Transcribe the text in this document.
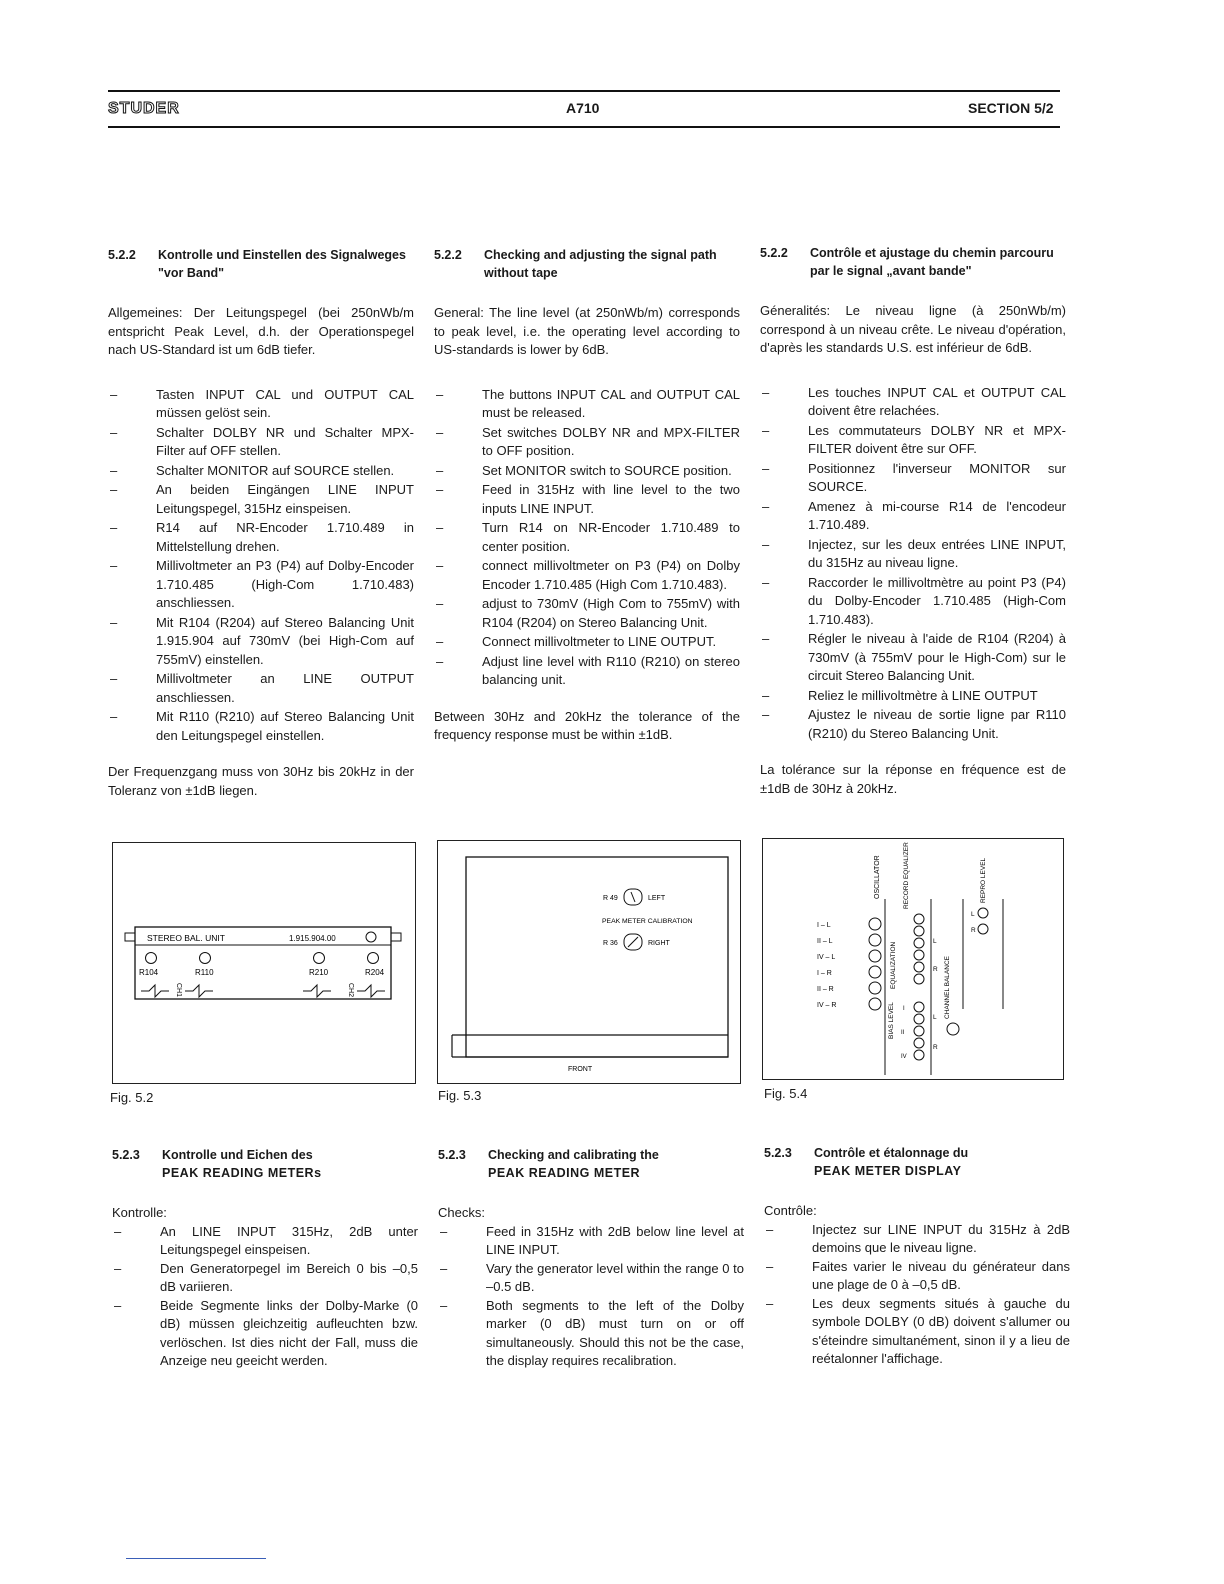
STUDER	A710	SECTION 5/2
5.2.2 Kontrolle und Einstellen des Signalweges "vor Band"
Allgemeines: Der Leitungspegel (bei 250nWb/m entspricht Peak Level, d.h. der Operationspegel nach US-Standard ist um 6dB tiefer.
– Tasten INPUT CAL und OUTPUT CAL müssen gelöst sein.
– Schalter DOLBY NR und Schalter MPX-Filter auf OFF stellen.
– Schalter MONITOR auf SOURCE stellen.
– An beiden Eingängen LINE INPUT Leitungspegel, 315Hz einspeisen.
– R14 auf NR-Encoder 1.710.489 in Mittelstellung drehen.
– Millivoltmeter an P3 (P4) auf Dolby-Encoder 1.710.485 (High-Com 1.710.483) anschliessen.
– Mit R104 (R204) auf Stereo Balancing Unit 1.915.904 auf 730mV (bei High-Com auf 755mV) einstellen.
– Millivoltmeter an LINE OUTPUT anschliessen.
– Mit R110 (R210) auf Stereo Balancing Unit den Leitungspegel einstellen.
Der Frequenzgang muss von 30Hz bis 20kHz in der Toleranz von ±1dB liegen.
5.2.2 Checking and adjusting the signal path without tape
General: The line level (at 250nWb/m) corresponds to peak level, i.e. the operating level according to US-standards is lower by 6dB.
– The buttons INPUT CAL and OUTPUT CAL must be released.
– Set switches DOLBY NR and MPX-FILTER to OFF position.
– Set MONITOR switch to SOURCE position.
– Feed in 315Hz with line level to the two inputs LINE INPUT.
– Turn R14 on NR-Encoder 1.710.489 to center position.
– connect millivoltmeter on P3 (P4) on Dolby Encoder 1.710.485 (High Com 1.710.483).
– adjust to 730mV (High Com to 755mV) with R104 (R204) on Stereo Balancing Unit.
– Connect millivoltmeter to LINE OUTPUT.
– Adjust line level with R110 (R210) on stereo balancing unit.
Between 30Hz and 20kHz the tolerance of the frequency response must be within ±1dB.
5.2.2 Contrôle et ajustage du chemin parcouru par le signal „avant bande"
Géneralités: Le niveau ligne (à 250nWb/m) correspond à un niveau crête. Le niveau d'opération, d'après les standards U.S. est inférieur de 6dB.
– Les touches INPUT CAL et OUTPUT CAL doivent être relachées.
– Les commutateurs DOLBY NR et MPX-FILTER doivent être sur OFF.
– Positionnez l'inverseur MONITOR sur SOURCE.
– Amenez à mi-course R14 de l'encodeur 1.710.489.
– Injectez, sur les deux entrées LINE INPUT, du 315Hz au niveau ligne.
– Raccorder le millivoltmètre au point P3 (P4) du Dolby-Encoder 1.710.485 (High-Com 1.710.483).
– Régler le niveau à l'aide de R104 (R204) à 730mV (à 755mV pour le High-Com) sur le circuit Stereo Balancing Unit.
– Reliez le millivoltmètre à LINE OUTPUT
– Ajustez le niveau de sortie ligne par R110 (R210) du Stereo Balancing Unit.
La tolérance sur la réponse en fréquence est de ±1dB de 30Hz à 20kHz.
STEREO BAL. UNIT	1.915.904.00
R104	R110	R210	R204
CH1	CH2
Fig. 5.2
R 49	LEFT
PEAK METER CALIBRATION
R 36	RIGHT
FRONT
Fig. 5.3
OSCILLATOR	RECORD EQUALIZER	REPRO LEVEL
EQUALIZATION
BIAS LEVEL
CHANNEL BALANCE
I – L
II – L
IV – L
I – R
II – R
IV – R
L
R
L
R
L
R
I
II
IV
Fig. 5.4
5.2.3 Kontrolle und Eichen des
PEAK READING METERs
Kontrolle:
– An LINE INPUT 315Hz, 2dB unter Leitungspegel einspeisen.
– Den Generatorpegel im Bereich 0 bis –0,5 dB variieren.
– Beide Segmente links der Dolby-Marke (0 dB) müssen gleichzeitig aufleuchten bzw. verlöschen. Ist dies nicht der Fall, muss die Anzeige neu geeicht werden.
5.2.3 Checking and calibrating the
PEAK READING METER
Checks:
– Feed in 315Hz with 2dB below line level at LINE INPUT.
– Vary the generator level within the range 0 to –0.5 dB.
– Both segments to the left of the Dolby marker (0 dB) must turn on or off simultaneously. Should this not be the case, the display requires recalibration.
5.2.3 Contrôle et étalonnage du
PEAK METER DISPLAY
Contrôle:
– Injectez sur LINE INPUT du 315Hz à 2dB demoins que le niveau ligne.
– Faites varier le niveau du générateur dans une plage de 0 à –0,5 dB.
– Les deux segments situés à gauche du symbole DOLBY (0 dB) doivent s'allumer ou s'éteindre simultanément, sinon il y a lieu de reétalonner l'affichage.
